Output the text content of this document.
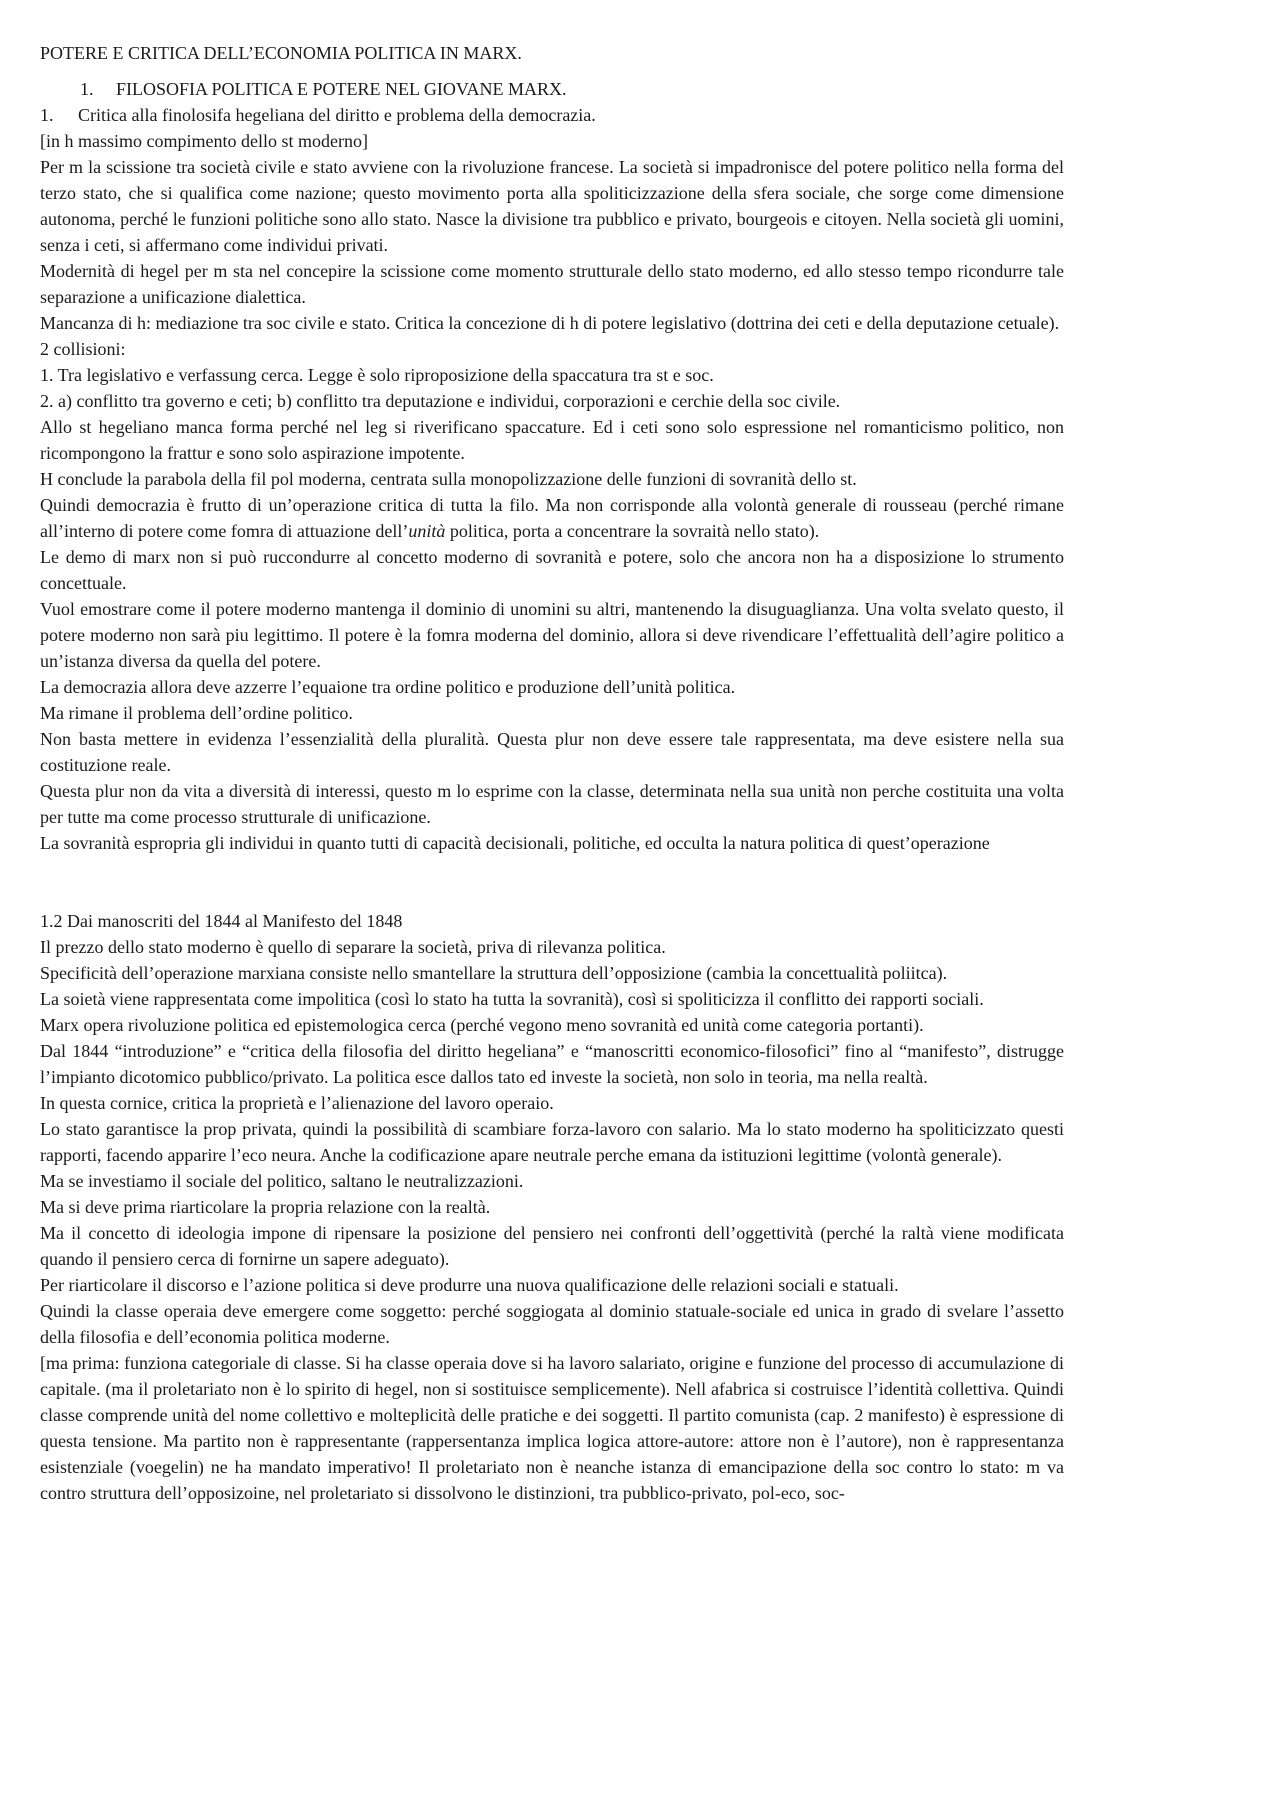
POTERE E CRITICA DELL’ECONOMIA POLITICA IN MARX.
1. FILOSOFIA POLITICA E POTERE NEL GIOVANE MARX.
1. Critica alla finolosifa hegeliana del diritto e problema della democrazia.

[in h massimo compimento dello st moderno]

Per m la scissione tra società civile e stato avviene con la rivoluzione francese. La società si impadronisce del potere politico nella forma del terzo stato, che si qualifica come nazione; questo movimento porta alla spoliticizzazione della sfera sociale, che sorge come dimensione autonoma, perché le funzioni politiche sono allo stato. Nasce la divisione tra pubblico e privato, bourgeois e citoyen. Nella società gli uomini, senza i ceti, si affermano come individui privati.

Modernità di hegel per m sta nel concepire la scissione come momento strutturale dello stato moderno, ed allo stesso tempo ricondurre tale separazione a unificazione dialettica.

Mancanza di h: mediazione tra soc civile e stato. Critica la concezione di h di potere legislativo (dottrina dei ceti e della deputazione cetuale).

2 collisioni:

1. Tra legislativo e verfassung cerca. Legge è solo riproposizione della spaccatura tra st e soc.

2. a) conflitto tra governo e ceti; b) conflitto tra deputazione e individui, corporazioni e cerchie della soc civile.

Allo st hegeliano manca forma perché nel leg si riverificano spaccature. Ed i ceti sono solo espressione nel romanticismo politico, non ricompongono la frattur e sono solo aspirazione impotente.

H conclude la parabola della fil pol moderna, centrata sulla monopolizzazione delle funzioni di sovranità dello st.

Quindi democrazia è frutto di un’operazione critica di tutta la filo. Ma non corrisponde alla volontà generale di rousseau (perché rimane all’interno di potere come fomra di attuazione dell’unità politica, porta a concentrare la sovraità nello stato).

Le demo di marx non si può ruccondurre al concetto moderno di sovranità e potere, solo che ancora non ha a disposizione lo strumento concettuale.

Vuol emostrare come il potere moderno mantenga il dominio di unomini su altri, mantenendo la disuguaglianza. Una volta svelato questo, il potere moderno non sarà piu legittimo. Il potere è la fomra moderna del dominio, allora si deve rivendicare l’effettualità dell’agire politico a un’istanza diversa da quella del potere.

La democrazia allora deve azzerre l’equaione tra ordine politico e produzione dell’unità politica.

Ma rimane il problema dell’ordine politico.

Non basta mettere in evidenza l’essenzialità della pluralità. Questa plur non deve essere tale rappresentata, ma deve esistere nella sua costituzione reale.

Questa plur non da vita a diversità di interessi, questo m lo esprime con la classe, determinata nella sua unità non perche costituita una volta per tutte ma come processo strutturale di unificazione.

La sovranità espropria gli individui in quanto tutti di capacità decisionali, politiche, ed occulta la natura politica di quest’operazione

1.2 Dai manoscriti del 1844 al Manifesto del 1848

Il prezzo dello stato moderno è quello di separare la società, priva di rilevanza politica.

Specificità dell’operazione marxiana consiste nello smantellare la struttura dell’opposizione (cambia la concettualità poliitca).

La soietà viene rappresentata come impolitica (così lo stato ha tutta la sovranità), così si spoliticizza il conflitto dei rapporti sociali.

Marx opera rivoluzione politica ed epistemologica cerca (perché vegono meno sovranità ed unità come categoria portanti).

Dal 1844 “introduzione” e “critica della filosofia del diritto hegeliana” e “manoscritti economico-filosofici” fino al “manifesto”, distrugge l’impianto dicotomico pubblico/privato. La politica esce dallos tato ed investe la società, non solo in teoria, ma nella realtà.

In questa cornice, critica la proprietà e l’alienazione del lavoro operaio.

Lo stato garantisce la prop privata, quindi la possibilità di scambiare forza-lavoro con salario. Ma lo stato moderno ha spoliticizzato questi rapporti, facendo apparire l’eco neura. Anche la codificazione apare neutrale perche emana da istituzioni legittime (volontà generale).

Ma se investiamo il sociale del politico, saltano le neutralizzazioni.

Ma si deve prima riarticolare la propria relazione con la realtà.

Ma il concetto di ideologia impone di ripensare la posizione del pensiero nei confronti dell’oggettività (perché la raltà viene modificata quando il pensiero cerca di fornirne un sapere adeguato).

Per riarticolare il discorso e l’azione politica si deve produrre una nuova qualificazione delle relazioni sociali e statuali.

Quindi la classe operaia deve emergere come soggetto: perché soggiogata al dominio statuale-sociale ed unica in grado di svelare l’assetto della filosofia e dell’economia politica moderne.

[ma prima: funziona categoriale di classe. Si ha classe operaia dove si ha lavoro salariato, origine e funzione del processo di accumulazione di capitale. (ma il proletariato non è lo spirito di hegel, non si sostituisce semplicemente). Nell afabrica si costruisce l’identità collettiva. Quindi classe comprende unità del nome collettivo e molteplicità delle pratiche e dei soggetti. Il partito comunista (cap. 2 manifesto) è espressione di questa tensione. Ma partito non è rappresentante (rappersentanza implica logica attore-autore: attore non è l’autore), non è rappresentanza esistenziale (voegelin) ne ha mandato imperativo! Il proletariato non è neanche istanza di emancipazione della soc contro lo stato: m va contro struttura dell’opposizoine, nel proletariato si dissolvono le distinzioni, tra pubblico-privato, pol-eco, soc-
